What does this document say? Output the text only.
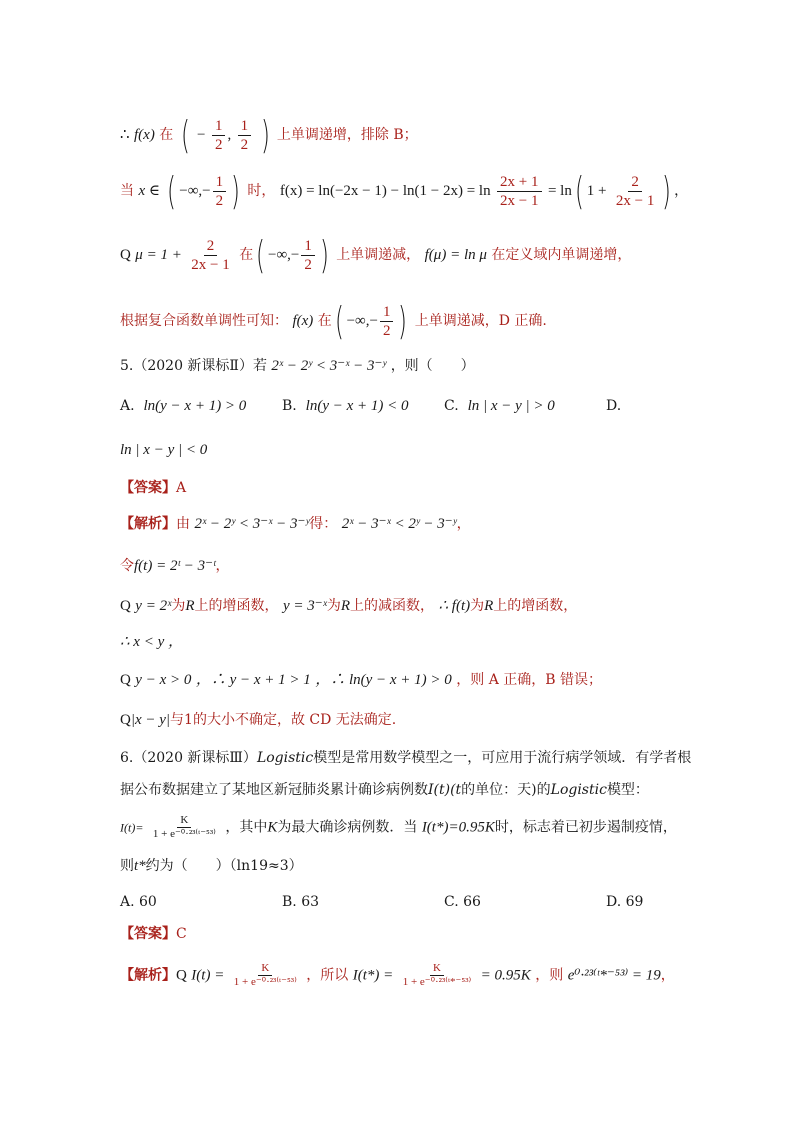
∴ f(x) 在 ( − $\frac{1}{2}$ , $\frac{1}{2}$ ) 上单调递增，排除 B；
当 x ∈ ( −∞,− $\frac{1}{2}$ ) 时， $f(x) = \ln(-2x - 1) - \ln(1 - 2x) = \ln \frac{2x + 1}{2x - 1} = \ln$( $1 + \frac{2}{2x - 1}$ ) ，
Q $\mu = 1 + \frac{2}{2x - 1}$ 在( −∞,− $\frac{1}{2}$ ) 上单调递减， f(μ) = ln μ 在定义域内单调递增，
根据复合函数单调性可知： f(x) 在( −∞,− $\frac{1}{2}$ ) 上单调递减，D 正确.
5.（2020 新课标Ⅱ）若 2ˣ − 2ʸ < 3⁻ˣ − 3⁻ʸ ，则（　　）
A. ln(y − x + 1) > 0	B. ln(y − x + 1) < 0	C. ln | x − y | > 0	D.
ln | x − y | < 0
【答案】A
【解析】由 2ˣ − 2ʸ < 3⁻ˣ − 3⁻ʸ得： 2ˣ − 3⁻ˣ < 2ʸ − 3⁻ʸ，
令f(t) = 2ᵗ − 3⁻ᵗ，
Q y = 2ˣ为R上的增函数， y = 3⁻ˣ为R上的减函数， ∴ f(t)为R上的增函数，
∴ x < y ，
Q y − x > 0 ，∴ y − x + 1 > 1 ，∴ ln(y − x + 1) > 0 ，则 A 正确，B 错误；
Q|x − y|与1的大小不确定，故 CD 无法确定.
6.（2020 新课标Ⅲ）Logistic模型是常用数学模型之一，可应用于流行病学领域．有学者根
据公布数据建立了某地区新冠肺炎累计确诊病例数I(t)(t的单位：天)的Logistic模型：
$I(t)= \frac{K}{\text{1 + e⁻⁰·²³⁽ᵗ⁻⁵³⁾}}$ ，其中K为最大确诊病例数．当 I(t*)=0.95K时，标志着已初步遏制疫情，
则t*约为（　　）（ln19≈3）
A. 60	B. 63	C. 66	D. 69
【答案】C
【解析】Q $I(t) = \frac{K}{\text{1 + e⁻⁰·²³⁽ᵗ⁻⁵³⁾}}$ ，所以 $I(t*) = \frac{K}{\text{1 + e⁻⁰·²³⁽ᵗ*⁻⁵³⁾}} = 0.95K$ ，则 e⁰·²³⁽ᵗ*⁻⁵³⁾ = 19，
